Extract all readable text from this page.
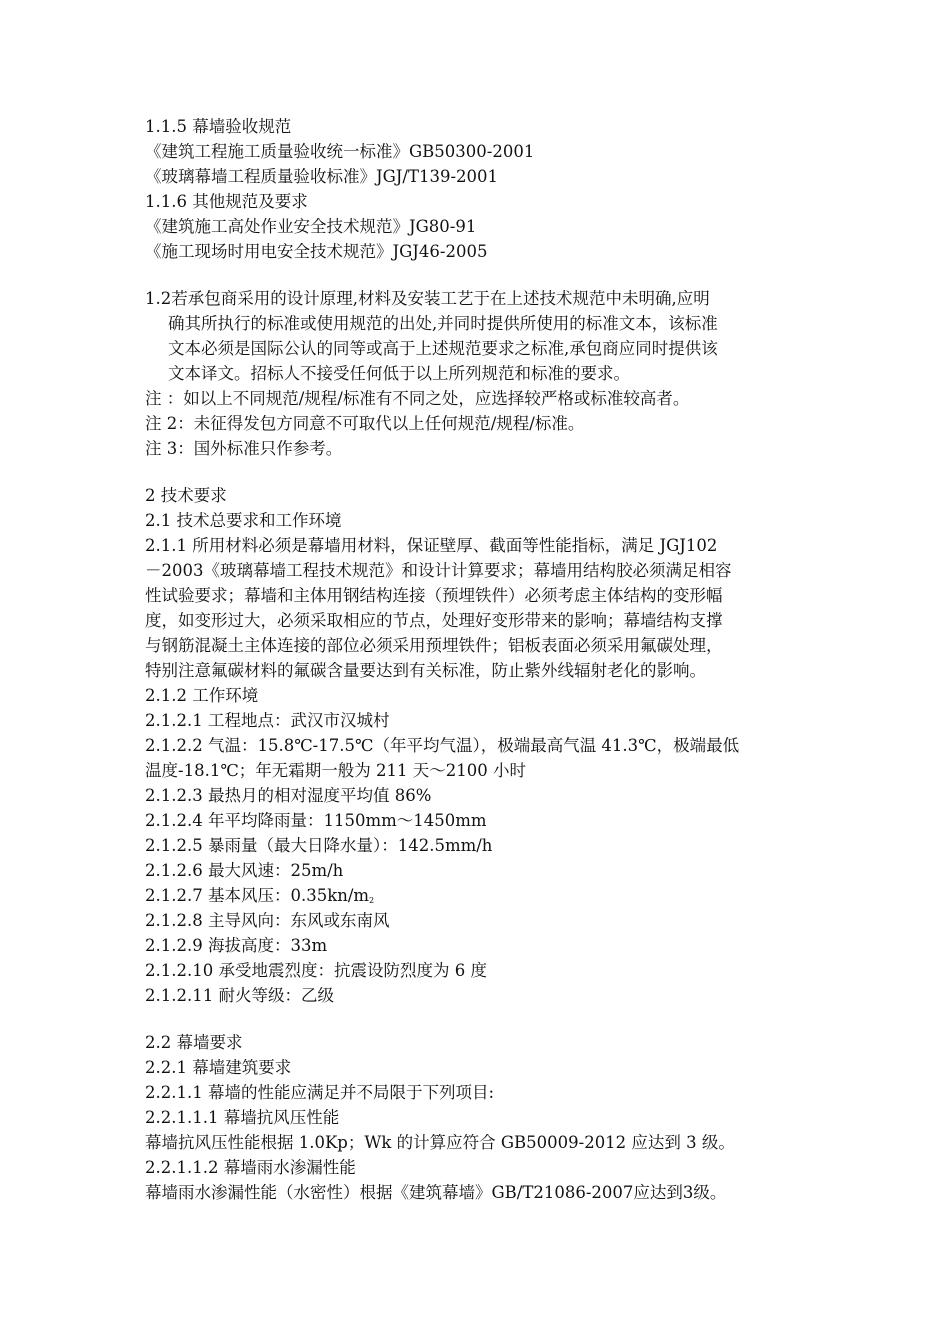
1.1.5 幕墙验收规范
《建筑工程施工质量验收统一标准》GB50300-2001
《玻璃幕墙工程质量验收标准》JGJ/T139-2001
1.1.6 其他规范及要求
《建筑施工高处作业安全技术规范》JG80-91
《施工现场时用电安全技术规范》JGJ46-2005
1.2若承包商采用的设计原理,材料及安装工艺于在上述技术规范中未明确,应明
确其所执行的标准或使用规范的出处,并同时提供所使用的标准文本，该标准
文本必须是国际公认的同等或高于上述规范要求之标准,承包商应同时提供该
文本译文。招标人不接受任何低于以上所列规范和标准的要求。
注 ：如以上不同规范/规程/标准有不同之处，应选择较严格或标准较高者。
注 2：未征得发包方同意不可取代以上任何规范/规程/标准。
注 3：国外标准只作参考。
2 技术要求
2.1 技术总要求和工作环境
2.1.1 所用材料必须是幕墙用材料，保证壁厚、截面等性能指标，满足 JGJ102
－2003《玻璃幕墙工程技术规范》和设计计算要求；幕墙用结构胶必须满足相容
性试验要求；幕墙和主体用钢结构连接（预埋铁件）必须考虑主体结构的变形幅
度，如变形过大，必须采取相应的节点，处理好变形带来的影响；幕墙结构支撑
与钢筋混凝土主体连接的部位必须采用预埋铁件；铝板表面必须采用氟碳处理，
特别注意氟碳材料的氟碳含量要达到有关标准，防止紫外线辐射老化的影响。
2.1.2 工作环境
2.1.2.1 工程地点：武汉市汉城村
2.1.2.2 气温：15.8℃-17.5℃（年平均气温），极端最高气温 41.3℃，极端最低
温度-18.1℃；年无霜期一般为 211 天～2100 小时
2.1.2.3 最热月的相对湿度平均值 86%
2.1.2.4 年平均降雨量：1150mm～1450mm
2.1.2.5 暴雨量（最大日降水量）：142.5mm/h
2.1.2.6 最大风速：25m/h
2.1.2.7 基本风压：$0.35kn/m_2$
2.1.2.8 主导风向：东风或东南风
2.1.2.9 海拔高度：33m
2.1.2.10 承受地震烈度：抗震设防烈度为 6 度
2.1.2.11 耐火等级：乙级
2.2 幕墙要求
2.2.1 幕墙建筑要求
2.2.1.1 幕墙的性能应满足并不局限于下列项目:
2.2.1.1.1 幕墙抗风压性能
幕墙抗风压性能根据 1.0Kp；Wk 的计算应符合 GB50009-2012 应达到 3 级。
2.2.1.1.2 幕墙雨水渗漏性能
幕墙雨水渗漏性能（水密性）根据《建筑幕墙》GB/T21086-2007应达到3级。
